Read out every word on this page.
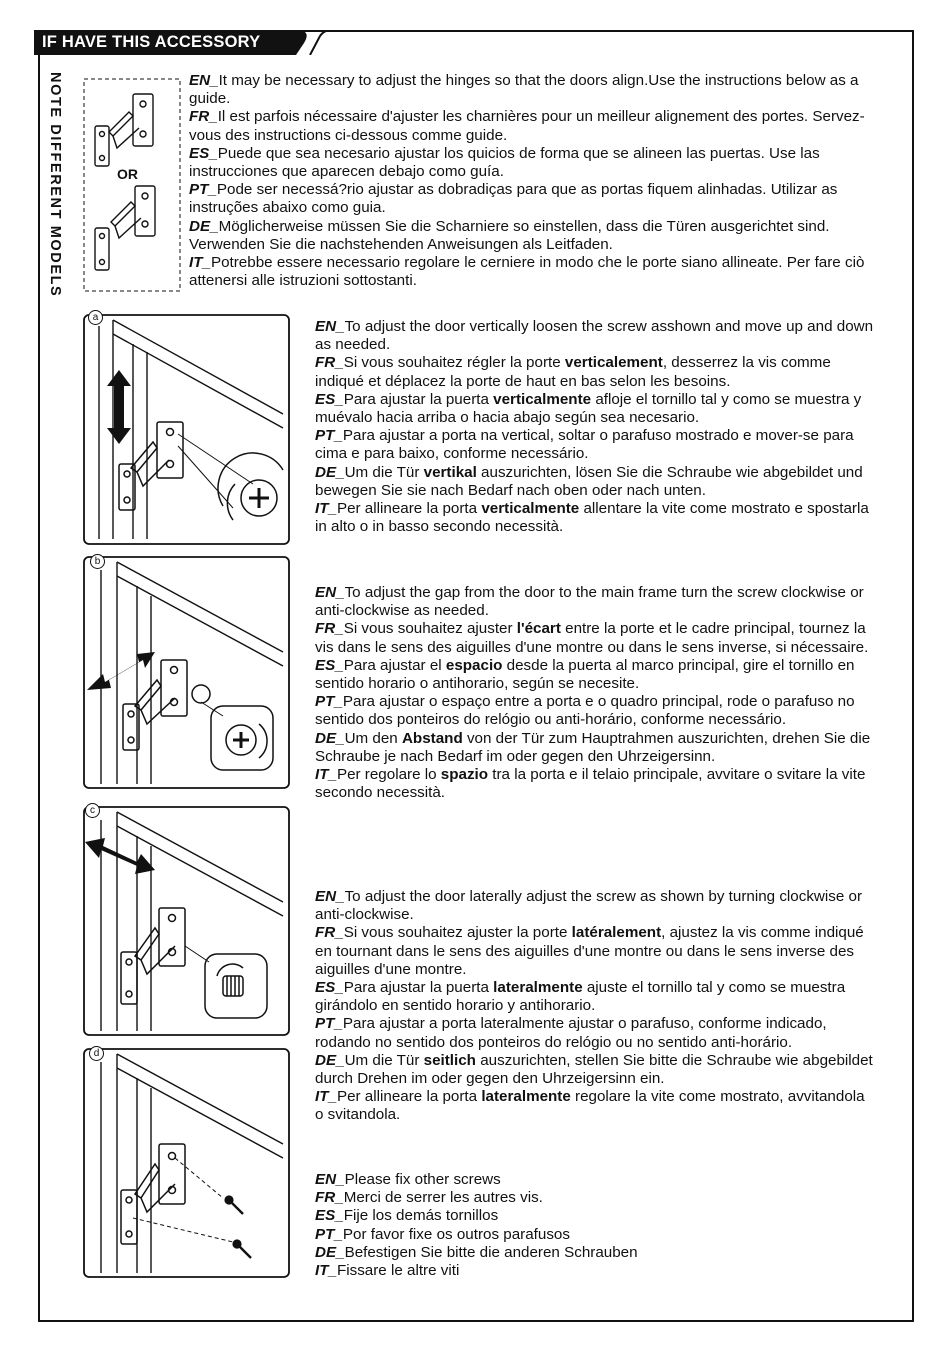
IF HAVE THIS ACCESSORY
NOTE DIFFERENT MODELS	OR

EN_It may be necessary to adjust the hinges so that the doors align.Use the instructions below as a guide.

FR_Il est parfois nécessaire d'ajuster les charnières pour un meilleur alignement des portes. Servez-vous des instructions ci-dessous comme guide.

ES_Puede que sea necesario ajustar los quicios de forma que se alineen las puertas. Use las instrucciones que aparecen debajo como guía.

PT_Pode ser necessá?rio ajustar as dobradiças para que as portas fiquem alinhadas. Utilizar as instruções abaixo como guia.

DE_Möglicherweise müssen Sie die Scharniere so einstellen, dass die Türen ausgerichtet sind. Verwenden Sie die nachstehenden Anweisungen als Leitfaden.

IT_Potrebbe essere necessario regolare le cerniere in modo che le porte siano allineate. Per fare ciò attenersi alle istruzioni sottostanti.

a
b
c
d

EN_To adjust the door vertically loosen the screw asshown and move up and down as needed.

FR_Si vous souhaitez régler la porte verticalement, desserrez la vis comme indiqué et déplacez la porte de haut en bas selon les besoins.

ES_Para ajustar la puerta verticalmente afloje el tornillo tal y como se muestra y muévalo hacia arriba o hacia abajo según sea necesario.

PT_Para ajustar a porta na vertical, soltar o parafuso mostrado e mover-se para cima e para baixo, conforme necessário.

DE_Um die Tür vertikal auszurichten, lösen Sie die Schraube wie abgebildet und bewegen Sie sie nach Bedarf nach oben oder nach unten.

IT_Per allineare la porta verticalmente allentare la vite come mostrato e spostarla in alto o in basso secondo necessità.

EN_To adjust the gap from the door to the main frame turn the screw clockwise or anti-clockwise as needed.

FR_Si vous souhaitez ajuster l'écart entre la porte et le cadre principal, tournez la vis dans le sens des aiguilles d'une montre ou dans le sens inverse, si nécessaire.

ES_Para ajustar el espacio desde la puerta al marco principal, gire el tornillo en sentido horario o antihorario, según se necesite.

PT_Para ajustar o espaço entre a porta e o quadro principal, rode o parafuso no sentido dos ponteiros do relógio ou anti-horário, conforme necessário.

DE_Um den Abstand von der Tür zum Hauptrahmen auszurichten, drehen Sie die Schraube je nach Bedarf im oder gegen den Uhrzeigersinn.

IT_Per regolare lo spazio tra la porta e il telaio principale, avvitare o svitare la vite secondo necessità.

EN_To adjust the door laterally adjust the screw as shown by turning clockwise or anti-clockwise.

FR_Si vous souhaitez ajuster la porte latéralement, ajustez la vis comme indiqué en tournant dans le sens des aiguilles d'une montre ou dans le sens inverse des aiguilles d'une montre.

ES_Para ajustar la puerta lateralmente ajuste el tornillo tal y como se muestra girándolo en sentido horario y antihorario.

PT_Para ajustar a porta lateralmente ajustar o parafuso, conforme indicado, rodando no sentido dos ponteiros do relógio ou no sentido anti-horário.

DE_Um die Tür seitlich auszurichten, stellen Sie bitte die Schraube wie abgebildet durch Drehen im oder gegen den Uhrzeigersinn ein.

IT_Per allineare la porta lateralmente regolare la vite come mostrato, avvitandola o svitandola.

EN_Please fix other screws

FR_Merci de serrer les autres vis.

ES_Fije los demás tornillos

PT_Por favor fixe os outros parafusos

DE_Befestigen Sie bitte die anderen Schrauben

IT_Fissare le altre viti
